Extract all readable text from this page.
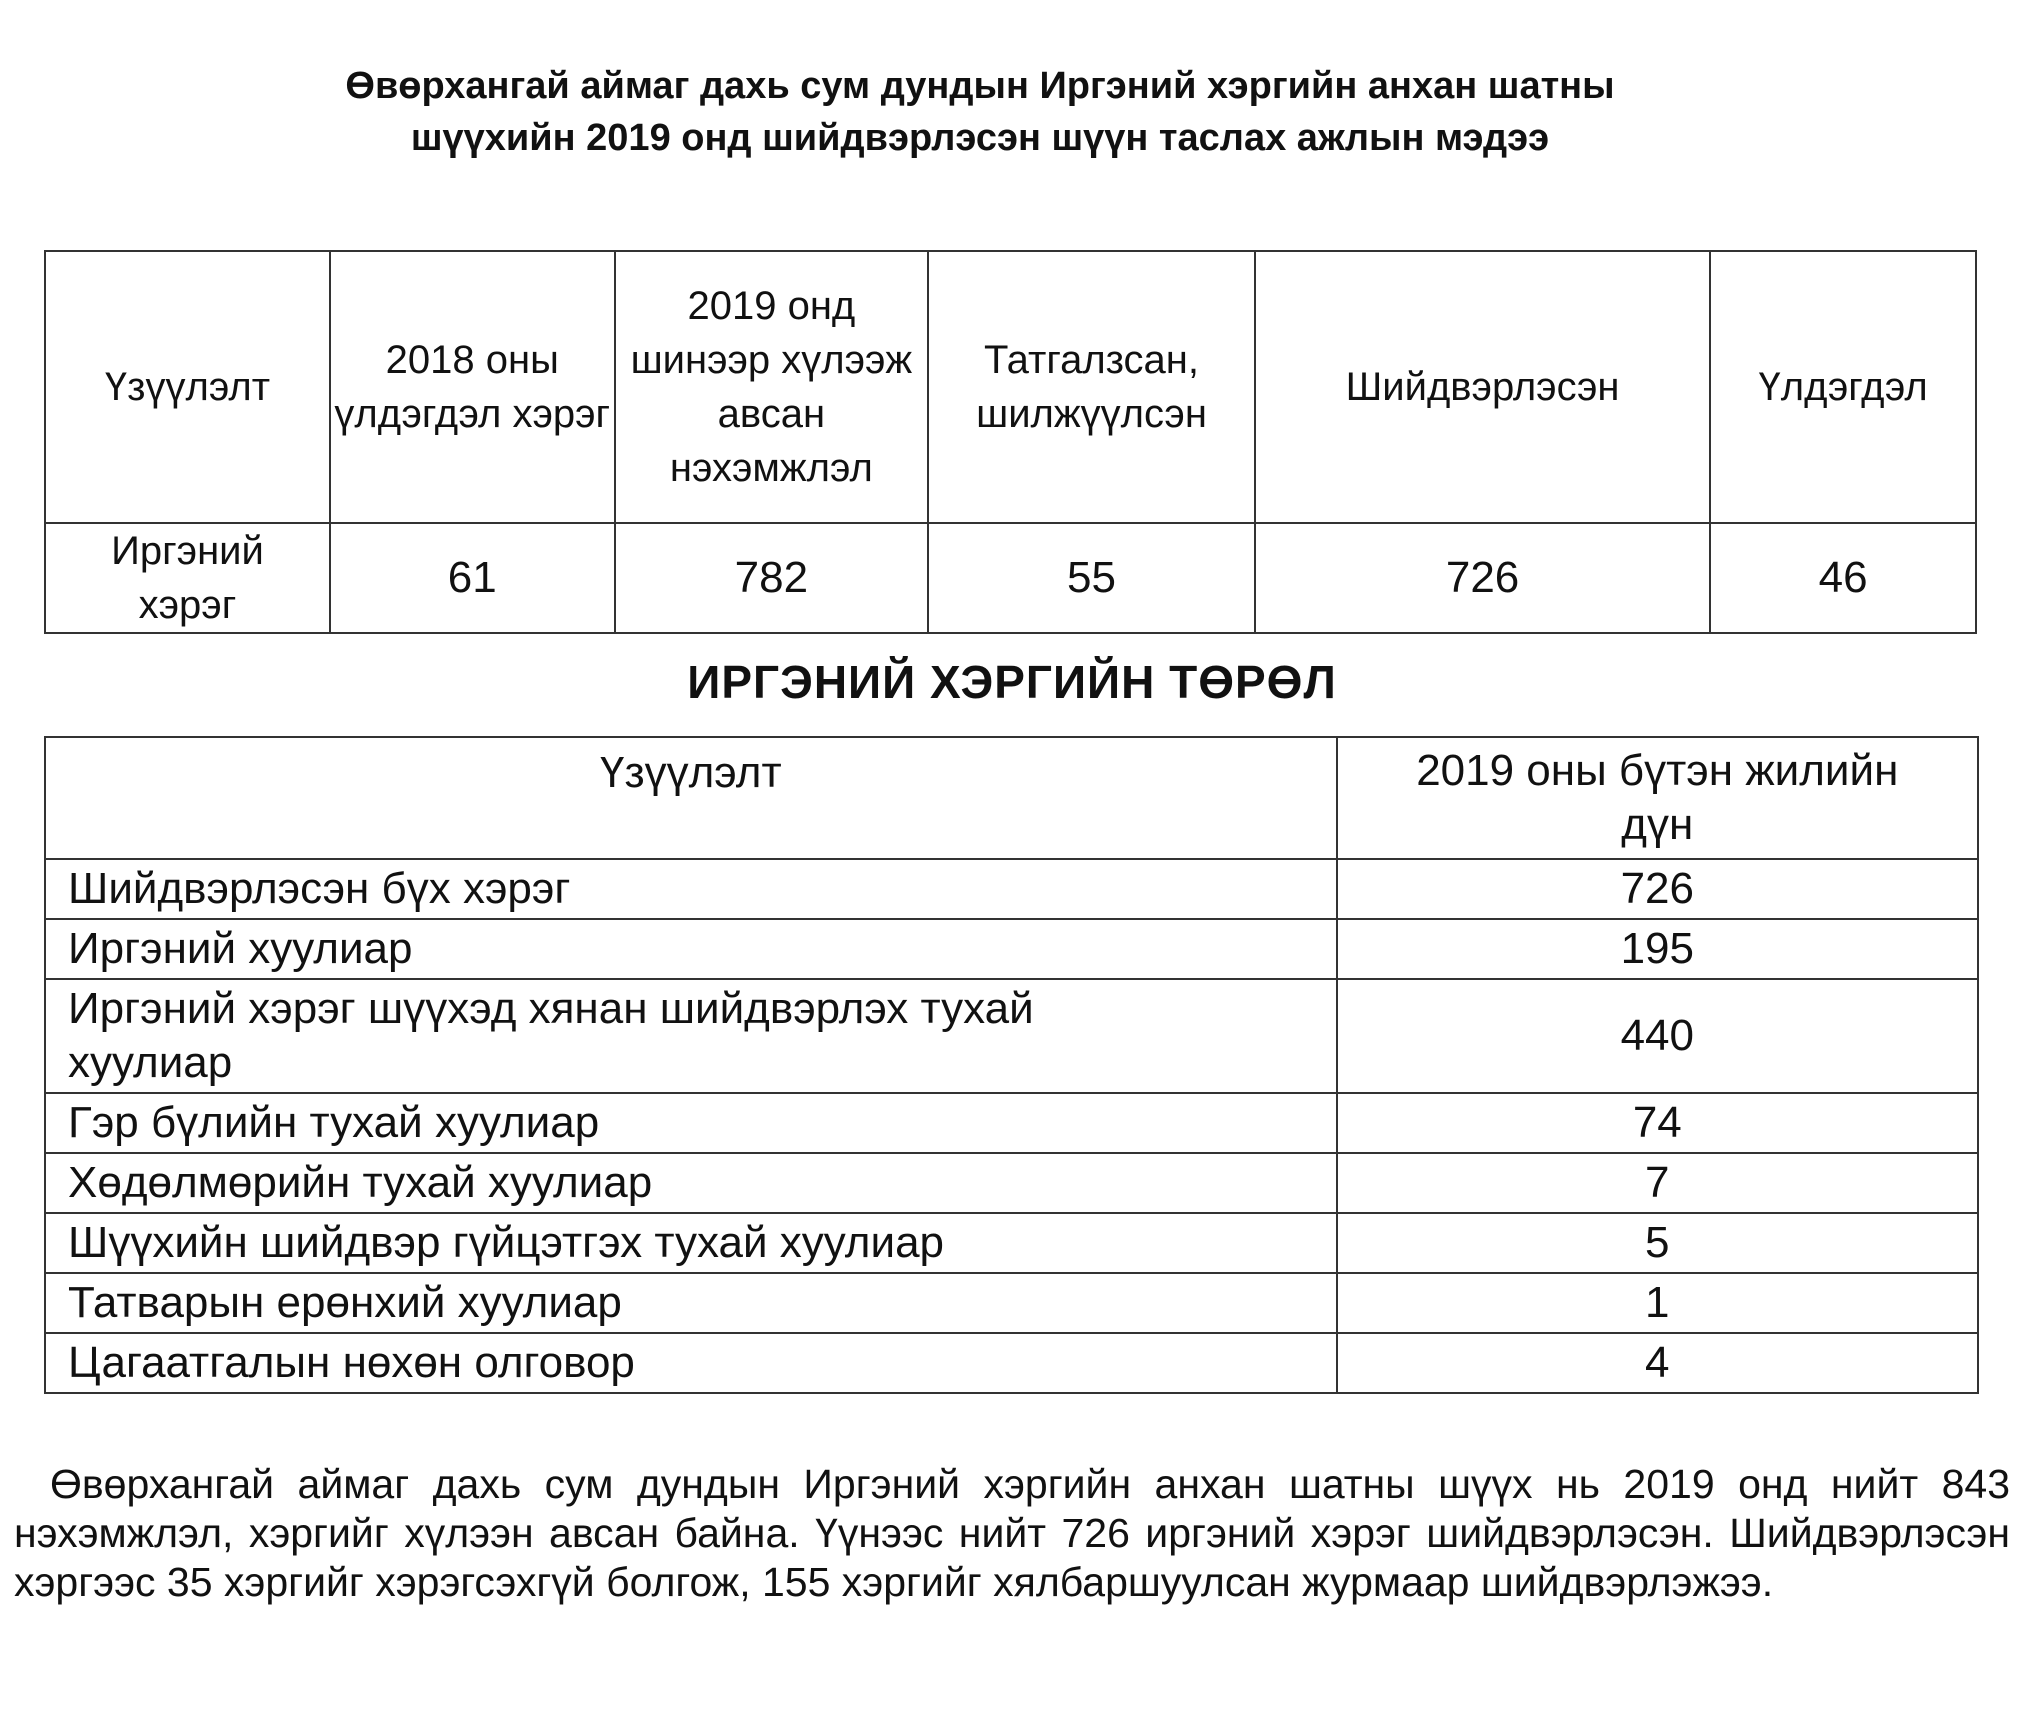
Өвөрхангай аймаг дахь сум дундын Иргэний хэргийн анхан шатны
шүүхийн 2019 онд шийдвэрлэсэн шүүн таслах ажлын мэдээ
Үзүүлэлт	2018 оны үлдэгдэл хэрэг	2019 онд шинээр хүлээж авсан нэхэмжлэл	Татгалзсан, шилжүүлсэн	Шийдвэрлэсэн	Үлдэгдэл
Иргэний хэрэг	61	782	55	726	46
ИРГЭНИЙ ХЭРГИЙН ТӨРӨЛ
Үзүүлэлт	2019 оны бүтэн жилийн дүн
Шийдвэрлэсэн бүх хэрэг	726
Иргэний хуулиар	195
Иргэний хэрэг шүүхэд хянан шийдвэрлэх тухай хуулиар	440
Гэр бүлийн тухай хуулиар	74
Хөдөлмөрийн тухай хуулиар	7
Шүүхийн шийдвэр гүйцэтгэх тухай хуулиар	5
Татварын ерөнхий хуулиар	1
Цагаатгалын нөхөн олговор	4

Өвөрхангай аймаг дахь сум дундын Иргэний хэргийн анхан шатны шүүх нь 2019 онд нийт 843 нэхэмжлэл, хэргийг хүлээн авсан байна. Үүнээс нийт 726 иргэний хэрэг шийдвэрлэсэн. Шийдвэрлэсэн хэргээс 35 хэргийг хэрэгсэхгүй болгож, 155 хэргийг хялбаршуулсан журмаар шийдвэрлэжээ.
